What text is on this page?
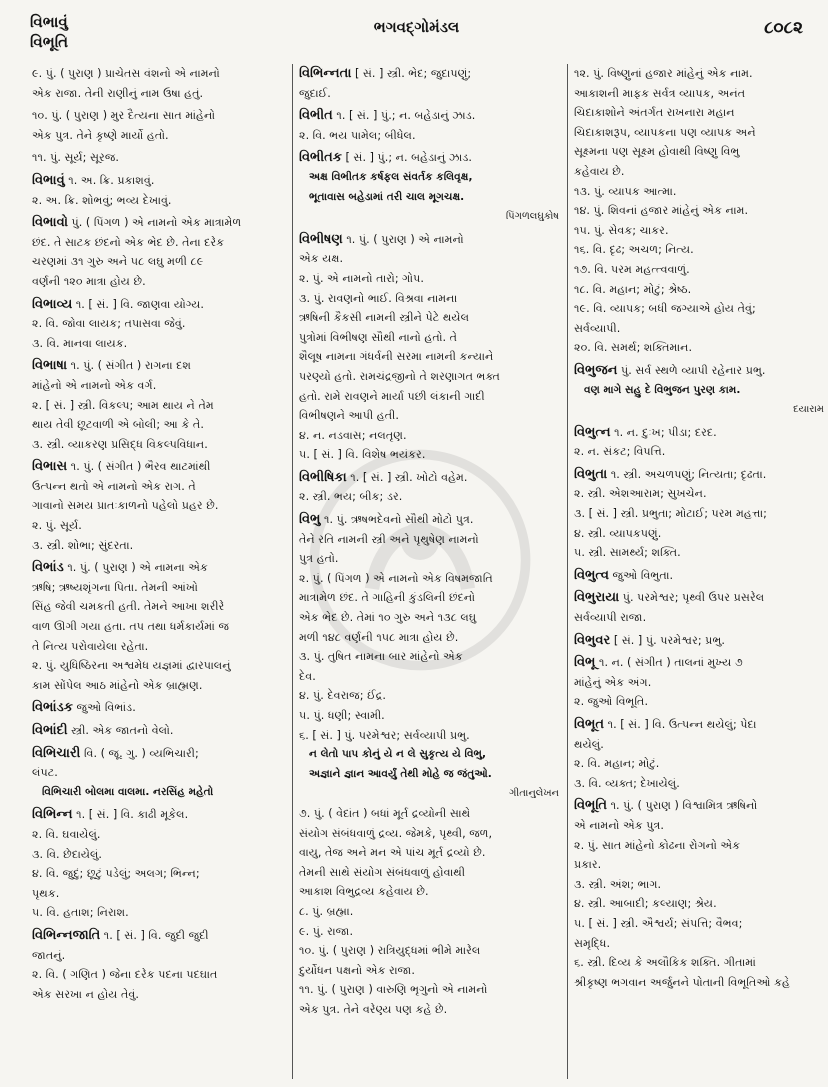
વિભાવું
વિભૂતિ
ભગવદ્ગોમંડલ	૮૦૮૨
૯. પું. ( પુરાણ ) પ્રાચેતસ વંશનો એ નામનો
એક રાજા. તેની રાણીનું નામ ઉષા હતું.
૧૦. પું. ( પુરાણ ) મુર દૈત્યના સાત માંહેનો
એક પુત્ર. તેને કૃષ્ણે માર્યો હતો.
૧૧. પું. સૂર્ય; સૂરજ.
વિભાવું ૧. અ. ક્રિ. પ્રકાશવું.
૨. અ. ક્રિ. શોભવું; ભવ્ય દેખાવું.
વિભાવો પું. ( પિંગળ ) એ નામનો એક માત્રામેળ
છંદ. તે સાટક છંદનો એક ભેદ છે. તેના દરેક
ચરણમાં ૩૧ ગુરુ અને ૫૮ લઘુ મળી ૮૯
વર્ણની ૧૨૦ માત્રા હોય છે.
વિભાવ્ય ૧. [ સં. ] વિ. જાણવા યોગ્ય.
૨. વિ. જોવા લાયક; તપાસવા જેવું.
૩. વિ. માનવા લાયક.
વિભાષા ૧. પું. ( સંગીત ) રાગના દશ
માંહેનો એ નામનો એક વર્ગ.
૨. [ સં. ] સ્ત્રી. વિકલ્પ; આમ થાય ને તેમ
થાય તેવી છૂટવાળી એ બોલી; આ કે તે.
૩. સ્ત્રી. વ્યાકરણ પ્રસિદ્ધ વિકલ્પવિધાન.
વિભાસ ૧. પું. ( સંગીત ) ભૈરવ થાટમાંથી
ઉત્પન્ન થતો એ નામનો એક રાગ. તે
ગાવાનો સમય પ્રાતઃકાળનો પહેલો પ્રહર છે.
૨. પું. સૂર્ય.
૩. સ્ત્રી. શોભા; સુંદરતા.
વિભાંડ ૧. પું. ( પુરાણ ) એ નામના એક
ઋષિ; ઋષ્યશૃંગના પિતા. તેમની આંખો
સિંહ જેવી ચમકતી હતી. તેમને આખા શરીરે
વાળ ઊગી ગયા હતા. તપ તથા ધર્મકાર્યમાં જ
તે નિત્ય પરોવાયેલા રહેતા.
૨. પું. યુધિષ્ઠિરના અશ્વમેધ યજ્ઞમાં દ્વારપાલનું
કામ સોંપેલ આઠ માંહેનો એક બ્રાહ્મણ.
વિભાંડક જુઓ વિભાંડ.
વિભાંદી સ્ત્રી. એક જાતનો વેલો.
વિભિચારી વિ. ( જૂ. ગુ. ) વ્યભિચારી;
લંપટ.
વિભિચારી બોલમા વાલમા. નરસિંહ મહેતો
વિભિન્ન ૧. [ સં. ] વિ. કાઢી મૂકેલ.
૨. વિ. ઘવાયેલું.
૩. વિ. છેદાયેલું.
૪. વિ. જુદું; છૂટું પડેલું; અલગ; ભિન્ન;
પૃથક.
૫. વિ. હતાશ; નિરાશ.
વિભિન્નજાતિ ૧. [ સં. ] વિ. જુદી જુદી
જાતનું.
૨. વિ. ( ગણિત ) જેના દરેક પદના પદઘાત
એક સરખા ન હોય તેવું.
વિભિન્નતા [ સં. ] સ્ત્રી. ભેદ; જુદાપણું;
જુદાઈ.
વિભીત ૧. [ સં. ] પું.; ન. બહેડાનું ઝાડ.
૨. વિ. ભય પામેલ; બીધેલ.
વિભીતક [ સં. ] પું.; ન. બહેડાનું ઝાડ.
અક્ષ વિભીતક કર્ષફલ સંવર્તક કલિવૃક્ષ,
ભૂતાવાસ બહેડામાં તરી ચાલ મૂગચક્ષ.
પિંગળલઘુકોષ
વિભીષણ ૧. પું. ( પુરાણ ) એ નામનો
એક યક્ષ.
૨. પું. એ નામનો તારો; ગોપ.
૩. પું. રાવણનો ભાઈ. વિશ્રવા નામના
ઋષિની કૈકસી નામની સ્ત્રીને પેટે થયેલ
પુત્રોમાં વિભીષણ સૌથી નાનો હતો. તે
શૈલૂષ નામના ગંધર્વની સરમા નામની કન્યાને
પરણ્યો હતો. રામચંદ્રજીનો તે શરણાગત ભક્ત
હતો. રામે રાવણને માર્યા પછી લંકાની ગાદી
વિભીષણને આપી હતી.
૪. ન. નડવાસ; નલતૃણ.
૫. [ સં. ] વિ. વિશેષ ભયંકર.
વિભીષિકા ૧. [ સં. ] સ્ત્રી. ખોટો વહેમ.
૨. સ્ત્રી. ભય; બીક; ડર.
વિભુ ૧. પું. ઋષભદેવનો સૌથી મોટો પુત્ર.
તેને રતિ નામની સ્ત્રી અને પૃથુષેણ નામનો
પુત્ર હતો.
૨. પું. ( પિંગળ ) એ નામનો એક વિષમજાતિ
માત્રામેળ છંદ. તે ગાહિની કુંડલિની છંદનો
એક ભેદ છે. તેમાં ૧૦ ગુરુ અને ૧૩૮ લઘુ
મળી ૧૪૮ વર્ણની ૧૫૮ માત્રા હોય છે.
૩. પું. તુષિત નામના બાર માંહેનો એક
દેવ.
૪. પું. દેવરાજ; ઈંદ્ર.
૫. પું. ધણી; સ્વામી.
૬. [ સં. ] પું. પરમેશ્વર; સર્વવ્યાપી પ્રભુ.
ન લેતો પાપ કોનું યે ન લે સુકૃત્ય યે વિભુ,
અજ્ઞાને જ્ઞાન આવર્યું તેથી મોહે જ જંતુઓ.
ગીતાનુલેખન
૭. પું. ( વેદાંત ) બધાં મૂર્ત દ્રવ્યોની સાથે
સંયોગ સંબંધવાળું દ્રવ્ય. જેમકે, પૃથ્વી, જળ,
વાયુ, તેજ અને મન એ પાંચ મૂર્ત દ્રવ્યો છે.
તેમની સાથે સંયોગ સંબંધવાળું હોવાથી
આકાશ વિભુદ્રવ્ય કહેવાય છે.
૮. પું. બ્રહ્મા.
૯. પું. રાજા.
૧૦. પું. ( પુરાણ ) રાત્રિયુદ્ધમાં ભીમે મારેલ
દુર્યોધન પક્ષનો એક રાજા.
૧૧. પું. ( પુરાણ ) વારુણિ ભૃગુનો એ નામનો
એક પુત્ર. તેને વરેણ્ય પણ કહે છે.
૧૨. પું. વિષ્ણુનાં હજાર માંહેનું એક નામ.
આકાશની માફક સર્વત્ર વ્યાપક, અનંત
ચિદાકાશોને અંતર્ગત રાખનારા મહાન
ચિદાકાશરૂપ, વ્યાપકના પણ વ્યાપક અને
સૂક્ષ્મના પણ સૂક્ષ્મ હોવાથી વિષ્ણુ વિભુ
કહેવાય છે.
૧૩. પું. વ્યાપક આત્મા.
૧૪. પું. શિવનાં હજાર માંહેનું એક નામ.
૧૫. પું. સેવક; ચાકર.
૧૬. વિ. દૃઢ; અચળ; નિત્ય.
૧૭. વિ. પરમ મહત્ત્વવાળું.
૧૮. વિ. મહાન; મોટું; શ્રેષ્ઠ.
૧૯. વિ. વ્યાપક; બધી જગ્યાએ હોય તેવું;
સર્વવ્યાપી.
૨૦. વિ. સમર્થ; શક્તિમાન.
વિભુજન પું. સર્વ સ્થળે વ્યાપી રહેનાર પ્રભુ.
વણ માગે સહુ દે વિભુજન પુરણ કામ.
દયારામ
વિભુત્ન ૧. ન. દુઃખ; પીડા; દરદ.
૨. ન. સંકટ; વિપત્તિ.
વિભુતા ૧. સ્ત્રી. અચળપણું; નિત્યતા; દૃઢતા.
૨. સ્ત્રી. એશઆરામ; સુખચેન.
૩. [ સં. ] સ્ત્રી. પ્રભુતા; મોટાઈ; પરમ મહત્તા;
૪. સ્ત્રી. વ્યાપકપણું.
૫. સ્ત્રી. સામર્થ્ય; શક્તિ.
વિભુત્વ જુઓ વિભુતા.
વિભુરાયા પું. પરમેશ્વર; પૃથ્વી ઉપર પ્રસરેલ
સર્વવ્યાપી રાજા.
વિભુવર [ સં. ] પું. પરમેશ્વર; પ્રભુ.
વિભૂ ૧. ન. ( સંગીત ) તાલનાં મુખ્ય ૭
માંહેનું એક અંગ.
૨. જુઓ વિભૂતિ.
વિભૂત ૧. [ સં. ] વિ. ઉત્પન્ન થયેલું; પેદા
થયેલું.
૨. વિ. મહાન; મોટું.
૩. વિ. વ્યક્ત; દેખાયેલું.
વિભૂતિ ૧. પું. ( પુરાણ ) વિશ્વામિત્ર ઋષિનો
એ નામનો એક પુત્ર.
૨. પું. સાત માંહેનો કોઢના રોગનો એક
પ્રકાર.
૩. સ્ત્રી. અંશ; ભાગ.
૪. સ્ત્રી. આબાદી; કલ્યાણ; શ્રેય.
૫. [ સં. ] સ્ત્રી. ઐશ્વર્ય; સંપત્તિ; વૈભવ;
સમૃદ્ધિ.
૬. સ્ત્રી. દિવ્ય કે અલૌકિક શક્તિ. ગીતામાં
શ્રીકૃષ્ણ ભગવાન અર્જુનને પોતાની વિભૂતિઓ કહે
